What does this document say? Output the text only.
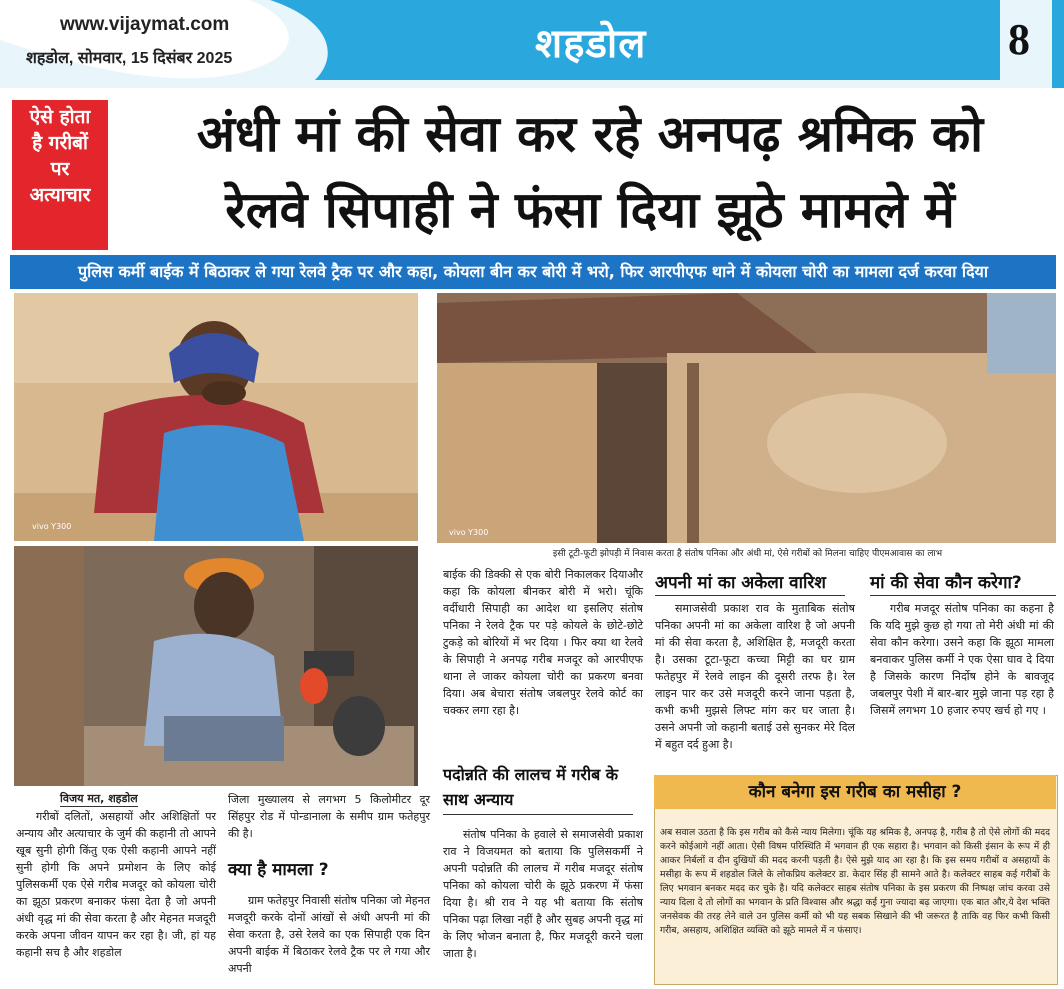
www.vijaymat.com
शहडोल, सोमवार, 15 दिसंबर 2025	शहडोल	8
ऐसे होता
है गरीबों
पर
अत्याचार
अंधी मां की सेवा कर रहे अनपढ़ श्रमिक को
रेलवे सिपाही ने फंसा दिया झूठे मामले में
पुलिस कर्मी बाईक में बिठाकर ले गया रेलवे ट्रैक पर और कहा, कोयला बीन कर बोरी में भरो, फिर आरपीएफ थाने में कोयला चोरी का मामला दर्ज करवा दिया
vivo Y300
vivo Y300
इसी टूटी-फूटी झोपड़ी में निवास करता है संतोष पनिका और अंधी मां, ऐसे गरीबों को मिलना चाहिए पीएमआवास का लाभ
विजय मत, शहडोल
गरीबों दलितों, असहायों और अशिक्षितों पर अन्याय और अत्याचार के जुर्म की कहानी तो आपने खूब सुनी होगी किंतु एक ऐसी कहानी आपने नहीं सुनी होगी कि अपने प्रमोशन के लिए कोई पुलिसकर्मी एक ऐसे गरीब मजदूर को कोयला चोरी का झूठा प्रकरण बनाकर फंसा देता है जो अपनी अंधी वृद्ध मां की सेवा करता है और मेहनत मजदूरी करके अपना जीवन यापन कर रहा है। जी, हां यह कहानी सच है और शहडोल
जिला मुख्यालय से लगभग 5 किलोमीटर दूर सिंहपुर रोड में पोन्डानाला के समीप ग्राम फतेहपुर की है।
क्या है मामला ?
ग्राम फतेहपुर निवासी संतोष पनिका जो मेहनत मजदूरी करके दोनों आंखों से अंधी अपनी मां की सेवा करता है, उसे रेलवे का एक सिपाही एक दिन अपनी बाईक में बिठाकर रेलवे ट्रैक पर ले गया और अपनी
बाईक की डिक्की से एक बोरी निकालकर दियाऔर कहा कि कोयला बीनकर बोरी में भरो। चूंकि वर्दीधारी सिपाही का आदेश था इसलिए संतोष पनिका ने रेलवे ट्रैक पर पड़े कोयले के छोटे-छोटे टुकड़े को बोरियों में भर दिया । फिर क्या था रेलवे के सिपाही ने अनपढ़ गरीब मजदूर को आरपीएफ थाना ले जाकर कोयला चोरी का प्रकरण बनवा दिया। अब बेचारा संतोष जबलपुर रेलवे कोर्ट का चक्कर लगा रहा है।
पदोन्नति की लालच में गरीब के साथ अन्याय
संतोष पनिका के हवाले से समाजसेवी प्रकाश राव ने विजयमत को बताया कि पुलिसकर्मी ने अपनी पदोन्नति की लालच में गरीब मजदूर संतोष पनिका को कोयला चोरी के झूठे प्रकरण में फंसा दिया है। श्री राव ने यह भी बताया कि संतोष पनिका पढ़ा लिखा नहीं है और सुबह अपनी वृद्ध मां के लिए भोजन बनाता है, फिर मजदूरी करने चला जाता है।
अपनी मां का अकेला वारिश
समाजसेवी प्रकाश राव के मुताबिक संतोष पनिका अपनी मां का अकेला वारिश है जो अपनी मां की सेवा करता है, अशिक्षित है, मजदूरी करता है। उसका टूटा-फूटा कच्चा मिट्टी का घर ग्राम फतेहपुर में रेलवे लाइन की दूसरी तरफ है। रेल लाइन पार कर उसे मजदूरी करने जाना पड़ता है, कभी कभी मुझसे लिफ्ट मांग कर घर जाता है। उसने अपनी जो कहानी बताई उसे सुनकर मेरे दिल में बहुत दर्द हुआ है।
मां की सेवा कौन करेगा?
गरीब मजदूर संतोष पनिका का कहना है कि यदि मुझे कुछ हो गया तो मेरी अंधी मां की सेवा कौन करेगा। उसने कहा कि झूठा मामला बनवाकर पुलिस कर्मी ने एक ऐसा घाव दे दिया है जिसके कारण निर्दोष होने के बावजूद जबलपुर पेशी में बार-बार मुझे जाना पड़ रहा है जिसमें लगभग 10 हजार रुपए खर्च हो गए ।
कौन बनेगा इस गरीब का मसीहा ?
अब सवाल उठता है कि इस गरीब को कैसे न्याय मिलेगा। चूंकि यह श्रमिक है, अनपढ़ है, गरीब है तो ऐसे लोगों की मदद करने कोईआगे नहीं आता। ऐसी विषम परिस्थिति में भगवान ही एक सहारा है। भगवान को किसी इंसान के रूप में ही आकर निर्बलों व दीन दुखियों की मदद करनी पड़ती है। ऐसे मुझे याद आ रहा है। कि इस समय गरीबों व असहायों के मसीहा के रूप में शहडोल जिले के लोकप्रिय कलेक्टर डा. केदार सिंह ही सामने आते है। कलेक्टर साहब कई गरीबों के लिए भगवान बनकर मदद कर चुके है। यदि कलेक्टर साहब संतोष पनिका के इस प्रकरण की निष्पक्ष जांच करवा उसे न्याय दिला दे तो लोगों का भगवान के प्रति विश्वास और श्रद्धा कई गुना ज्यादा बढ़ जाएगा। एक बात और,ये देश भक्ति जनसेवक की तरह लेने वाले उन पुलिस कर्मी को भी यह सबक सिखाने की भी जरूरत है ताकि वह फिर कभी किसी गरीब, असहाय, अशिक्षित व्यक्ति को झूठे मामले में न फंसाए।
